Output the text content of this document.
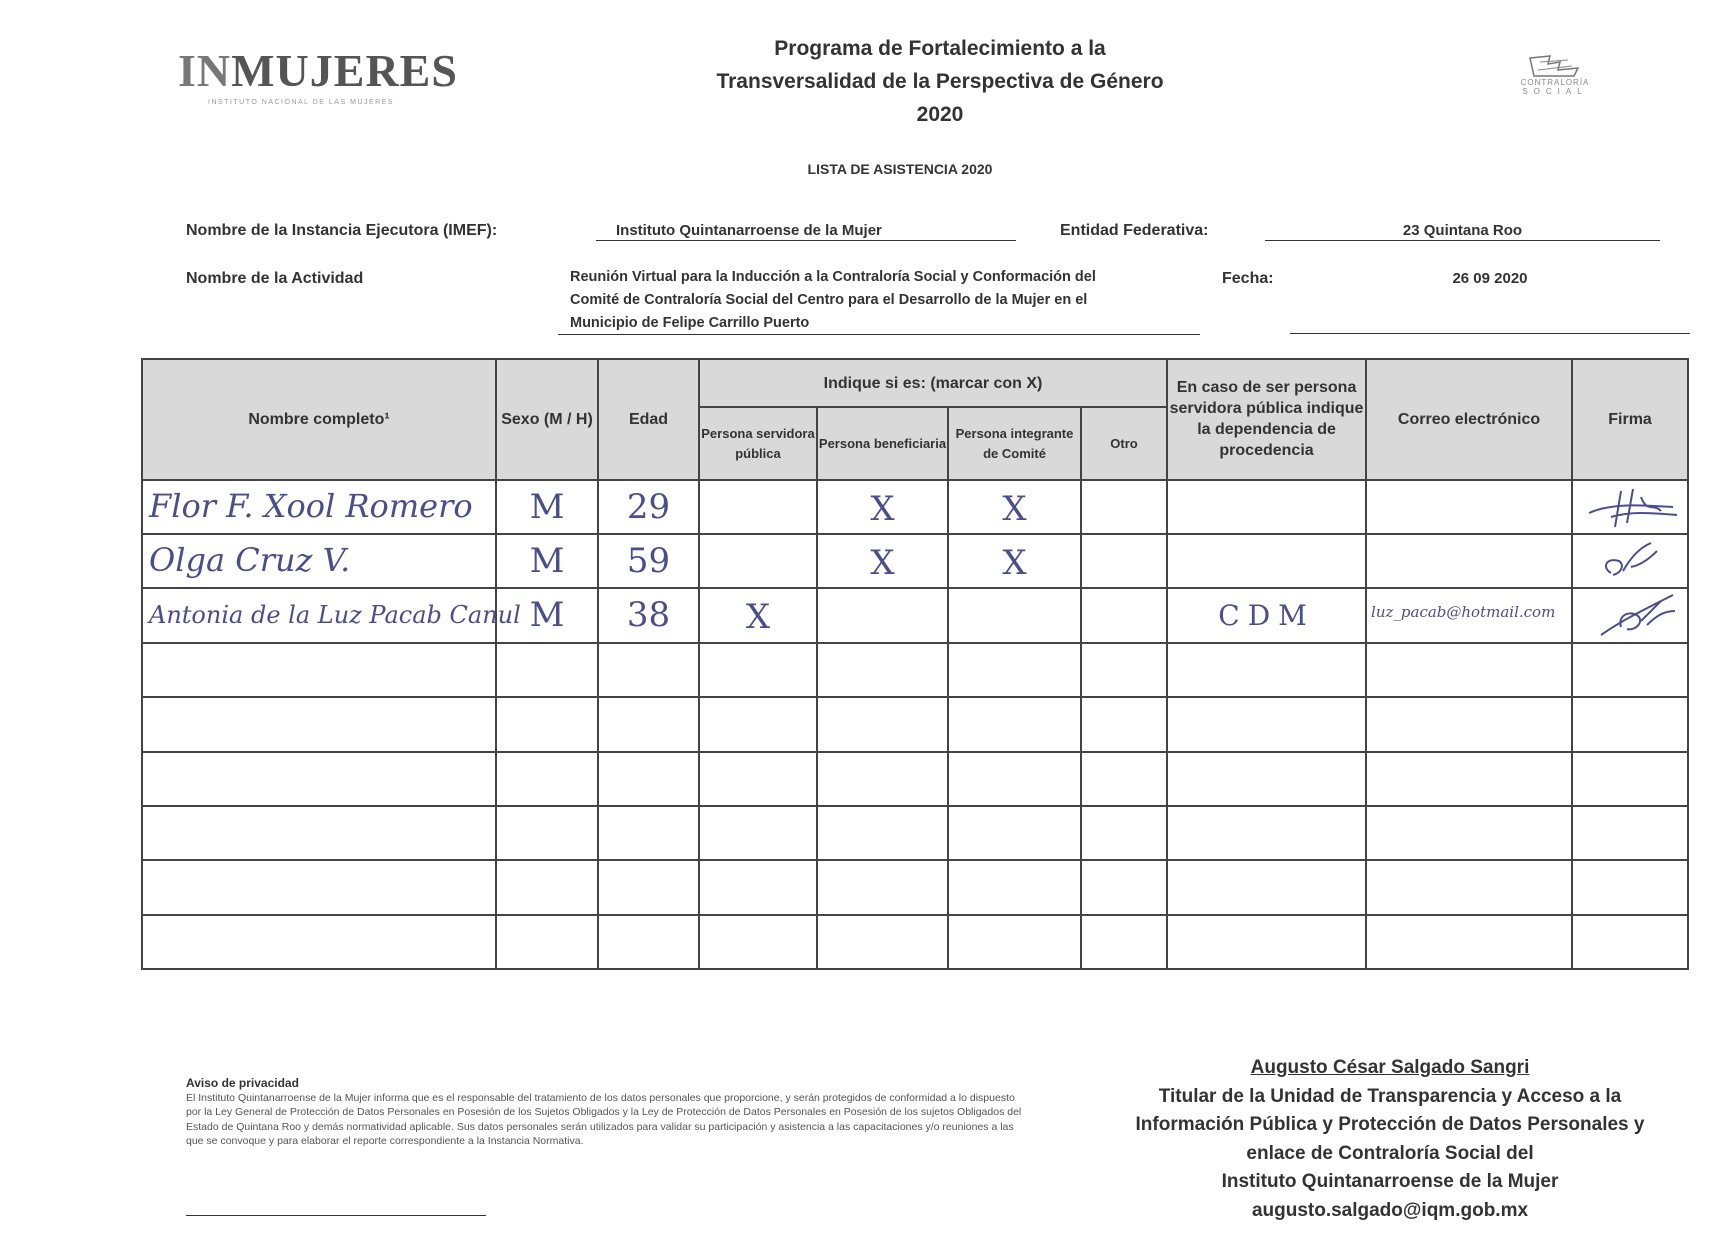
INMUJERES
INSTITUTO NACIONAL DE LAS MUJERES
Programa de Fortalecimiento a la
Transversalidad de la Perspectiva de Género
2020
CONTRALORÍA
SOCIAL
LISTA DE ASISTENCIA 2020
Nombre de la Instancia Ejecutora (IMEF):	Instituto Quintanarroense de la Mujer	Entidad Federativa:	23 Quintana Roo
Nombre de la Actividad	Reunión Virtual para la Inducción a la Contraloría Social y Conformación del
Comité de Contraloría Social del Centro para el Desarrollo de la Mujer en el
Municipio de Felipe Carrillo Puerto
Fecha:	26 09 2020
Nombre completo¹	Sexo (M / H)	Edad	Indique si es: (marcar con X)				En caso de ser persona servidora pública indique la dependencia de procedencia	Correo electrónico	Firma
			Persona servidora pública	Persona beneficiaria	Persona integrante de Comité	Otro			

Flor F. Xool Romero	M	29		X	X

Olga Cruz V.	M	59		X	X

Antonia de la Luz Pacab Canul	M	38	X				CDM	luz_pacab@hotmail.com

Aviso de privacidad
El Instituto Quintanarroense de la Mujer informa que es el responsable del tratamiento de los datos personales que proporcione, y serán protegidos de conformidad a lo dispuesto por la Ley General de Protección de Datos Personales en Posesión de los Sujetos Obligados y la Ley de Protección de Datos Personales en Posesión de los sujetos Obligados del Estado de Quintana Roo y demás normatividad aplicable. Sus datos personales serán utilizados para validar su participación y asistencia a las capacitaciones y/o reuniones a las que se convoque y para elaborar el reporte correspondiente a la Instancia Normativa.
Augusto César Salgado Sangri
Titular de la Unidad de Transparencia y Acceso a la
Información Pública y Protección de Datos Personales y
enlace de Contraloría Social del
Instituto Quintanarroense de la Mujer
augusto.salgado@iqm.gob.mx
